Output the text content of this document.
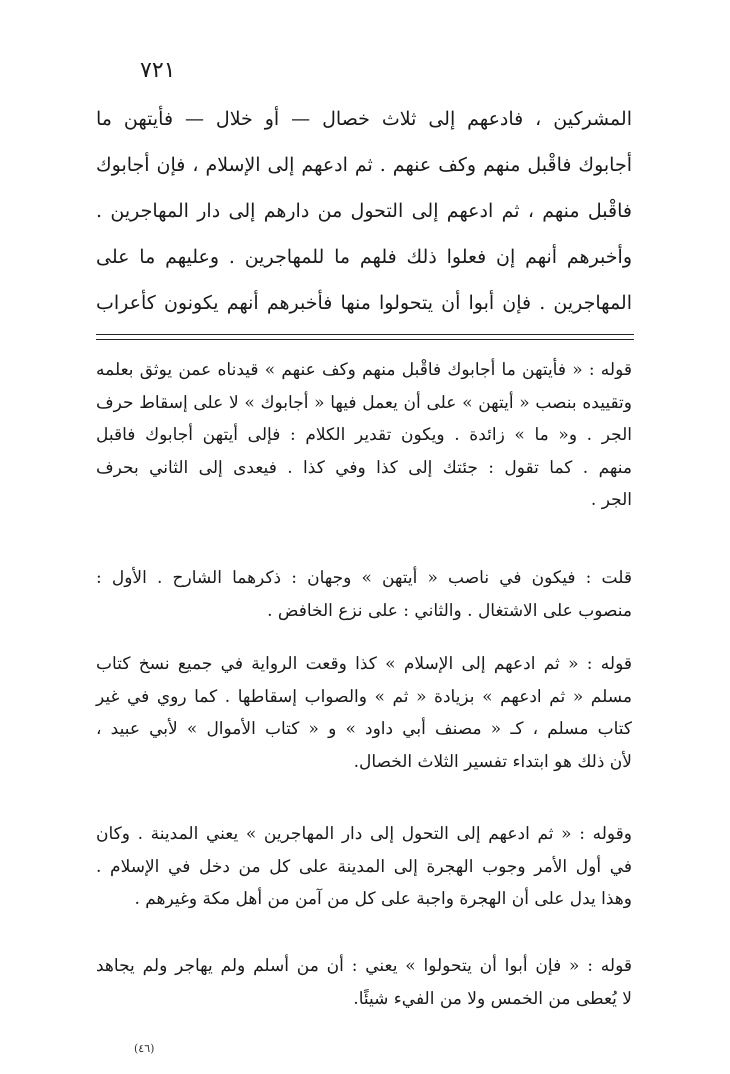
٧٢١
المشركين ، فادعهم إلى ثلاث خصال — أو خلال — فأيتهن ما
أجابوك فاقْبل منهم وكف عنهم . ثم ادعهم إلى الإسلام ، فإن أجابوك
فاقْبل منهم ، ثم ادعهم إلى التحول من دارهم إلى دار المهاجرين .
وأخبرهم أنهم إن فعلوا ذلك فلهم ما للمهاجرين . وعليهم ما على
المهاجرين . فإن أبوا أن يتحولوا منها فأخبرهم أنهم يكونون كأعراب
قوله : « فأيتهن ما أجابوك فاقْبل منهم وكف عنهم » قيدناه عمن يوثق بعلمه
وتقييده بنصب « أيتهن » على أن يعمل فيها « أجابوك » لا على إسقاط حرف
الجر . و« ما » زائدة . ويكون تقدير الكلام : فإلى أيتهن أجابوك فاقبل
منهم . كما تقول : جئتك إلى كذا وفي كذا . فيعدى إلى الثاني بحرف
الجر .
قلت : فيكون في ناصب « أيتهن » وجهان : ذكرهما الشارح . الأول :
منصوب على الاشتغال . والثاني : على نزع الخافض .
قوله : « ثم ادعهم إلى الإسلام » كذا وقعت الرواية في جميع نسخ كتاب
مسلم « ثم ادعهم » بزيادة « ثم » والصواب إسقاطها . كما روي في غير
كتاب مسلم ، كـ « مصنف أبي داود » و « كتاب الأموال » لأبي عبيد ،
لأن ذلك هو ابتداء تفسير الثلاث الخصال.
وقوله : « ثم ادعهم إلى التحول إلى دار المهاجرين » يعني المدينة . وكان
في أول الأمر وجوب الهجرة إلى المدينة على كل من دخل في الإسلام .
وهذا يدل على أن الهجرة واجبة على كل من آمن من أهل مكة وغيرهم .
قوله : « فإن أبوا أن يتحولوا » يعني : أن من أسلم ولم يهاجر ولم يجاهد
لا يُعطى من الخمس ولا من الفيء شيئًا.
(٤٦)
